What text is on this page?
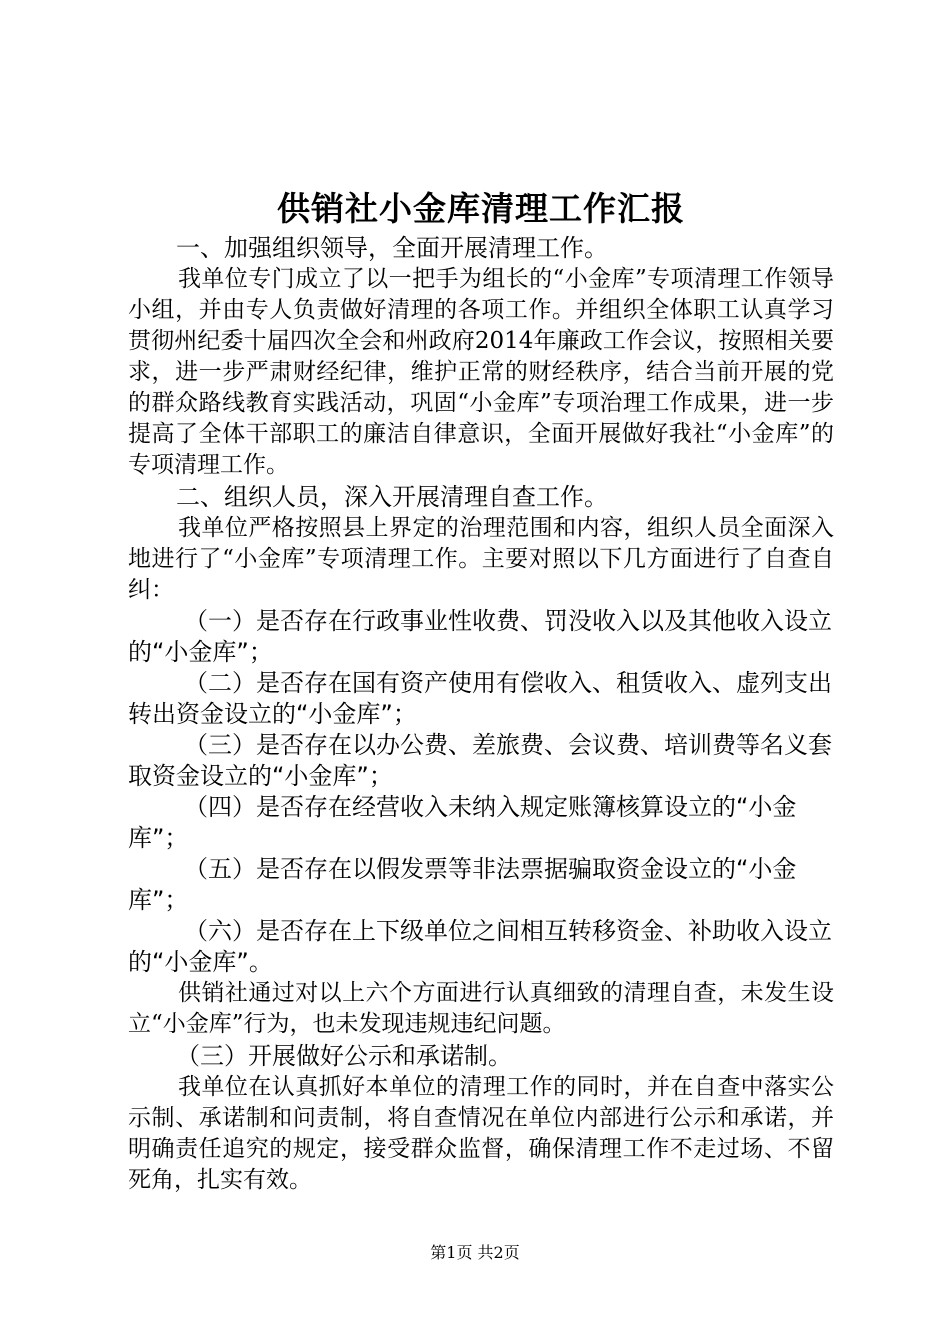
供销社小金库清理工作汇报

一、加强组织领导，全面开展清理工作。

我单位专门成立了以一把手为组长的“小金库”专项清理工作领导小组，并由专人负责做好清理的各项工作。并组织全体职工认真学习贯彻州纪委十届四次全会和州政府2014年廉政工作会议，按照相关要求，进一步严肃财经纪律，维护正常的财经秩序，结合当前开展的党的群众路线教育实践活动，巩固“小金库”专项治理工作成果，进一步提高了全体干部职工的廉洁自律意识，全面开展做好我社“小金库”的专项清理工作。

二、组织人员，深入开展清理自查工作。

我单位严格按照县上界定的治理范围和内容，组织人员全面深入地进行了“小金库”专项清理工作。主要对照以下几方面进行了自查自纠：

（一）是否存在行政事业性收费、罚没收入以及其他收入设立的“小金库”；

（二）是否存在国有资产使用有偿收入、租赁收入、虚列支出转出资金设立的“小金库”；

（三）是否存在以办公费、差旅费、会议费、培训费等名义套取资金设立的“小金库”；

（四）是否存在经营收入未纳入规定账簿核算设立的“小金库”；

（五）是否存在以假发票等非法票据骗取资金设立的“小金库”；

（六）是否存在上下级单位之间相互转移资金、补助收入设立的“小金库”。

供销社通过对以上六个方面进行认真细致的清理自查，未发生设立“小金库”行为，也未发现违规违纪问题。

（三）开展做好公示和承诺制。

我单位在认真抓好本单位的清理工作的同时，并在自查中落实公示制、承诺制和问责制，将自查情况在单位内部进行公示和承诺，并明确责任追究的规定，接受群众监督，确保清理工作不走过场、不留死角，扎实有效。

第1页 共2页
